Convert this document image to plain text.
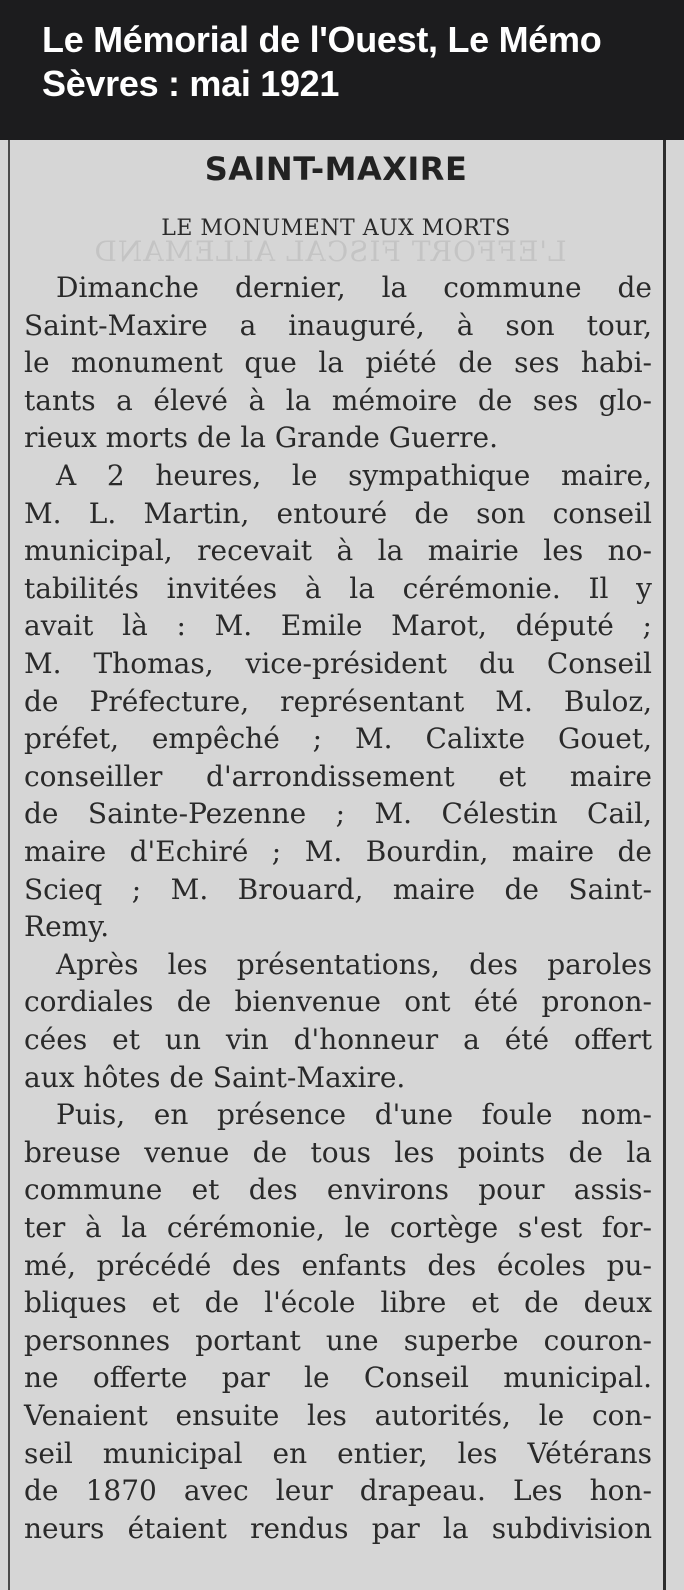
Le Mémorial de l'Ouest, Le Mémo
Sèvres : mai 1921
L'EFFORT FISCAL ALLEMAND
SAINT-MAXIRE
LE MONUMENT AUX MORTS
Dimanche dernier, la commune de
Saint-Maxire a inauguré, à son tour,
le monument que la piété de ses habi-
tants a élevé à la mémoire de ses glo-
rieux morts de la Grande Guerre.
A 2 heures, le sympathique maire,
M. L. Martin, entouré de son conseil
municipal, recevait à la mairie les no-
tabilités invitées à la cérémonie. Il y
avait là : M. Emile Marot, député ;
M. Thomas, vice-président du Conseil
de Préfecture, représentant M. Buloz,
préfet, empêché ; M. Calixte Gouet,
conseiller d'arrondissement et maire
de Sainte-Pezenne ; M. Célestin Cail,
maire d'Echiré ; M. Bourdin, maire de
Scieq ; M. Brouard, maire de Saint-
Remy.
Après les présentations, des paroles
cordiales de bienvenue ont été pronon-
cées et un vin d'honneur a été offert
aux hôtes de Saint-Maxire.
Puis, en présence d'une foule nom-
breuse venue de tous les points de la
commune et des environs pour assis-
ter à la cérémonie, le cortège s'est for-
mé, précédé des enfants des écoles pu-
bliques et de l'école libre et de deux
personnes portant une superbe couron-
ne offerte par le Conseil municipal.
Venaient ensuite les autorités, le con-
seil municipal en entier, les Vétérans
de 1870 avec leur drapeau. Les hon-
neurs étaient rendus par la subdivision
